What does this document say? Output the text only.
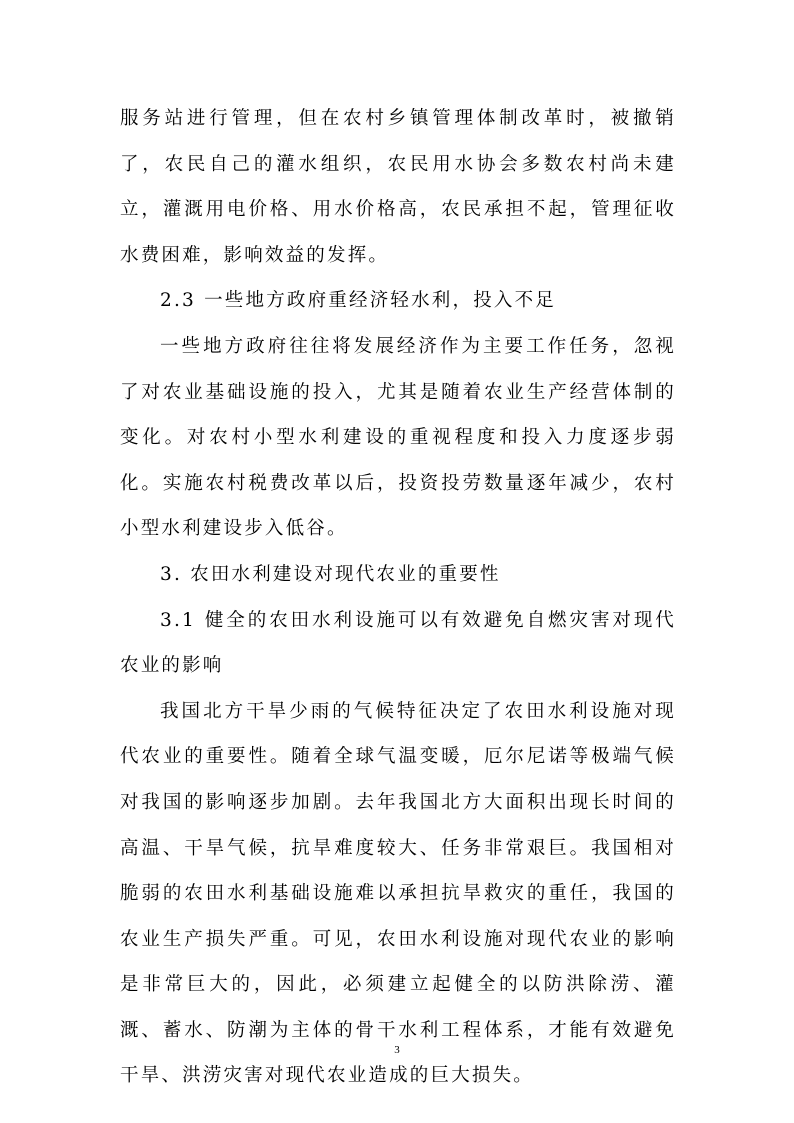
服务站进行管理，但在农村乡镇管理体制改革时，被撤销了，农民自己的灌水组织，农民用水协会多数农村尚未建立，灌溉用电价格、用水价格高，农民承担不起，管理征收水费困难，影响效益的发挥。

2.3 一些地方政府重经济轻水利，投入不足

一些地方政府往往将发展经济作为主要工作任务，忽视了对农业基础设施的投入，尤其是随着农业生产经营体制的变化。对农村小型水利建设的重视程度和投入力度逐步弱化。实施农村税费改革以后，投资投劳数量逐年减少，农村小型水利建设步入低谷。

3. 农田水利建设对现代农业的重要性

3.1 健全的农田水利设施可以有效避免自燃灾害对现代农业的影响

我国北方干旱少雨的气候特征决定了农田水利设施对现代农业的重要性。随着全球气温变暖，厄尔尼诺等极端气候对我国的影响逐步加剧。去年我国北方大面积出现长时间的高温、干旱气候，抗旱难度较大、任务非常艰巨。我国相对脆弱的农田水利基础设施难以承担抗旱救灾的重任，我国的农业生产损失严重。可见，农田水利设施对现代农业的影响是非常巨大的，因此，必须建立起健全的以防洪除涝、灌溉、蓄水、防潮为主体的骨干水利工程体系，才能有效避免干旱、洪涝灾害对现代农业造成的巨大损失。

3
